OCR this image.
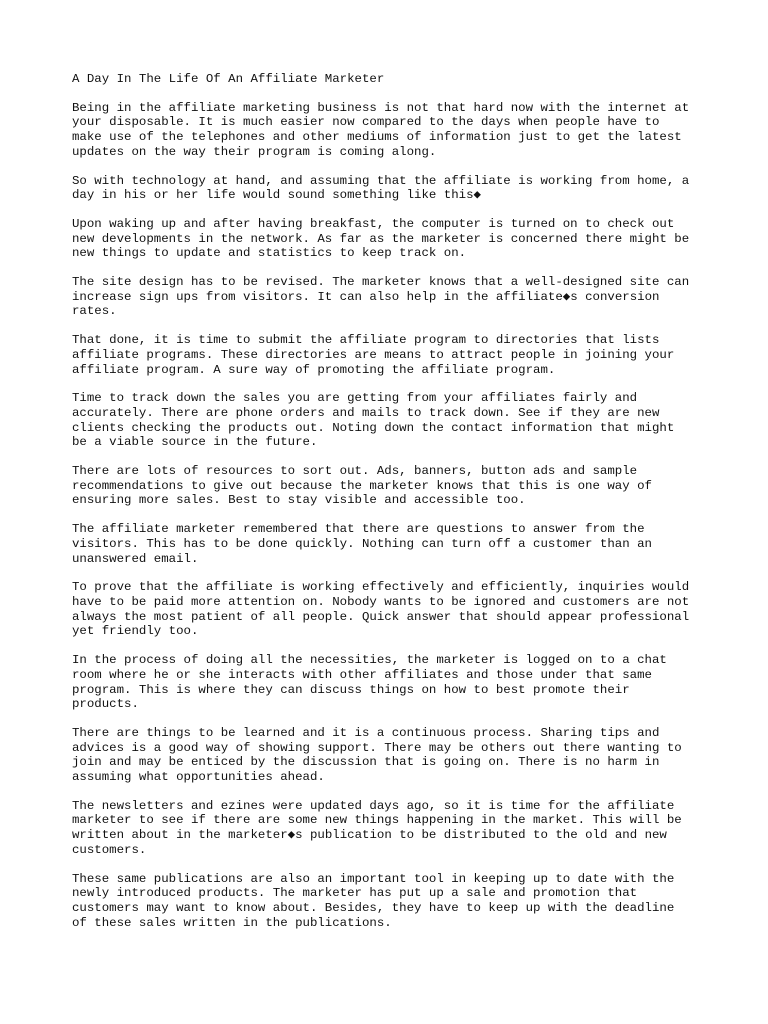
A Day In The Life Of An Affiliate Marketer
Being in the affiliate marketing business is not that hard now with the internet at
your disposable. It is much easier now compared to the days when people have to
make use of the telephones and other mediums of information just to get the latest
updates on the way their program is coming along.
So with technology at hand, and assuming that the affiliate is working from home, a
day in his or her life would sound something like this◆
Upon waking up and after having breakfast, the computer is turned on to check out
new developments in the network. As far as the marketer is concerned there might be
new things to update and statistics to keep track on.
The site design has to be revised. The marketer knows that a well-designed site can
increase sign ups from visitors. It can also help in the affiliate◆s conversion
rates.
That done, it is time to submit the affiliate program to directories that lists
affiliate programs. These directories are means to attract people in joining your
affiliate program. A sure way of promoting the affiliate program.
Time to track down the sales you are getting from your affiliates fairly and
accurately. There are phone orders and mails to track down. See if they are new
clients checking the products out. Noting down the contact information that might
be a viable source in the future.
There are lots of resources to sort out. Ads, banners, button ads and sample
recommendations to give out because the marketer knows that this is one way of
ensuring more sales. Best to stay visible and accessible too.
The affiliate marketer remembered that there are questions to answer from the
visitors. This has to be done quickly. Nothing can turn off a customer than an
unanswered email.
To prove that the affiliate is working effectively and efficiently, inquiries would
have to be paid more attention on. Nobody wants to be ignored and customers are not
always the most patient of all people. Quick answer that should appear professional
yet friendly too.
In the process of doing all the necessities, the marketer is logged on to a chat
room where he or she interacts with other affiliates and those under that same
program. This is where they can discuss things on how to best promote their
products.
There are things to be learned and it is a continuous process. Sharing tips and
advices is a good way of showing support. There may be others out there wanting to
join and may be enticed by the discussion that is going on. There is no harm in
assuming what opportunities ahead.
The newsletters and ezines were updated days ago, so it is time for the affiliate
marketer to see if there are some new things happening in the market. This will be
written about in the marketer◆s publication to be distributed to the old and new
customers.
These same publications are also an important tool in keeping up to date with the
newly introduced products. The marketer has put up a sale and promotion that
customers may want to know about. Besides, they have to keep up with the deadline
of these sales written in the publications.
